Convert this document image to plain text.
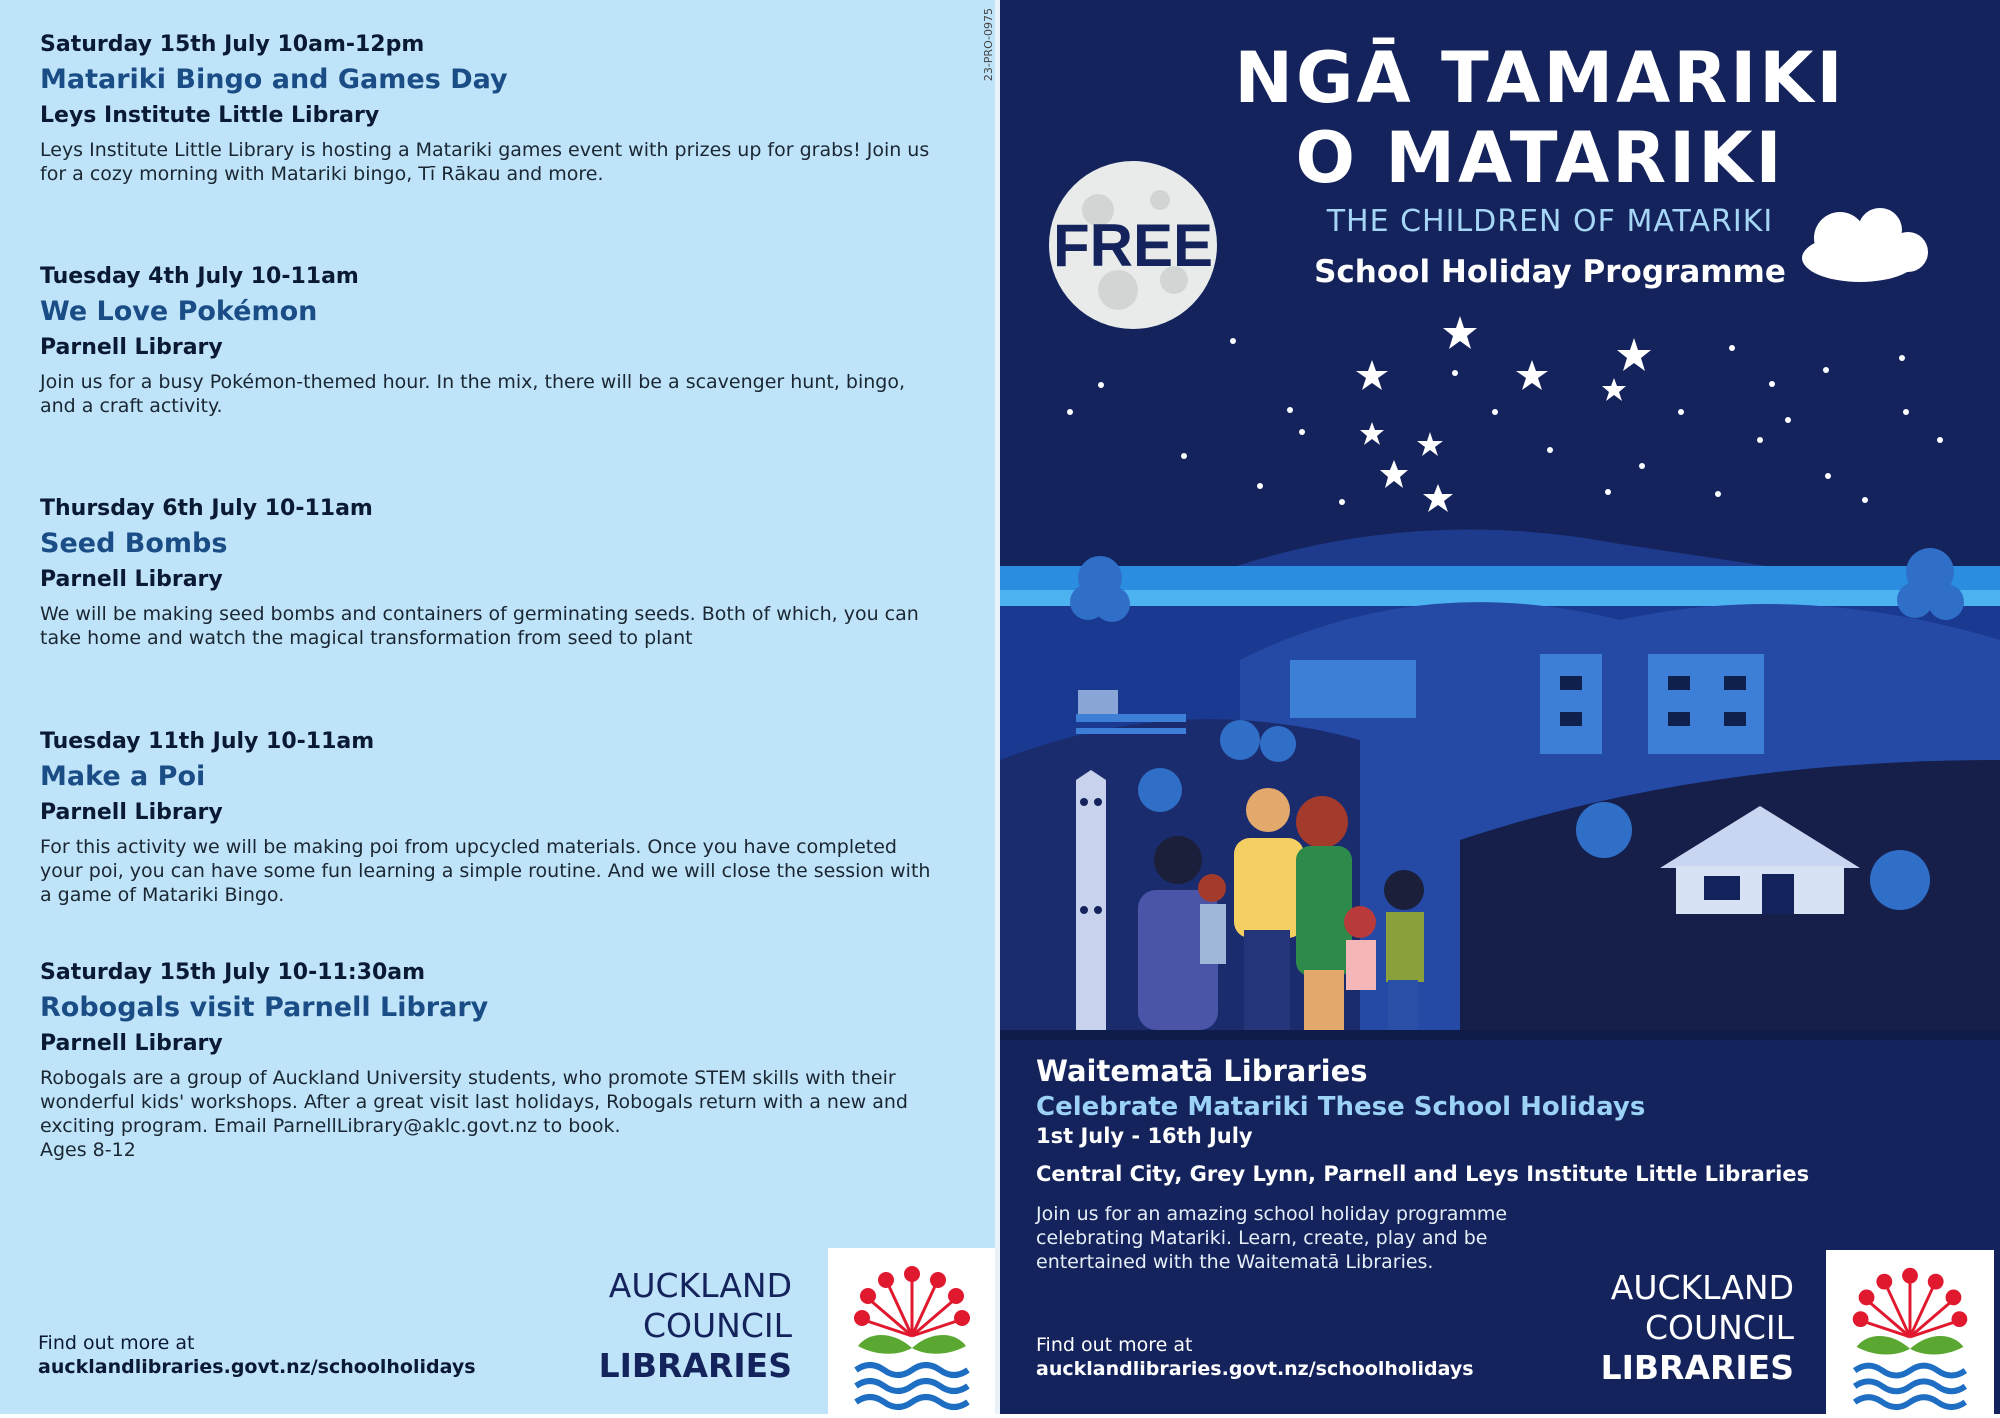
Saturday 15th July 10am-12pm
Matariki Bingo and Games Day
Leys Institute Little Library
Leys Institute Little Library is hosting a Matariki games event with prizes up for grabs! Join us for a cozy morning with Matariki bingo, Tī Rākau and more.
Tuesday 4th July 10-11am
We Love Pokémon
Parnell Library
Join us for a busy Pokémon-themed hour. In the mix, there will be a scavenger hunt, bingo, and a craft activity.
Thursday 6th July 10-11am
Seed Bombs
Parnell Library
We will be making seed bombs and containers of germinating seeds. Both of which, you can take home and watch the magical transformation from seed to plant
Tuesday 11th July 10-11am
Make a Poi
Parnell Library
For this activity we will be making poi from upcycled materials. Once you have completed your poi, you can have some fun learning a simple routine. And we will close the session with a game of Matariki Bingo.
Saturday 15th July 10-11:30am
Robogals visit Parnell Library
Parnell Library
Robogals are a group of Auckland University students, who promote STEM skills with their wonderful kids' workshops. After a great visit last holidays, Robogals return with a new and exciting program. Email ParnellLibrary@aklc.govt.nz to book.
Ages 8-12
Find out more at
aucklandlibraries.govt.nz/schoolholidays
AUCKLAND
COUNCIL
LIBRARIES
23-PRO-0975
FREE
NGĀ TAMARIKI
O MATARIKI
THE CHILDREN OF MATARIKI
School Holiday Programme
Waitematā Libraries
Celebrate Matariki These School Holidays
1st July - 16th July
Central City, Grey Lynn, Parnell and Leys Institute Little Libraries
Join us for an amazing school holiday programme celebrating Matariki. Learn, create, play and be entertained with the Waitematā Libraries.
Find out more at
aucklandlibraries.govt.nz/schoolholidays
AUCKLAND
COUNCIL
LIBRARIES
